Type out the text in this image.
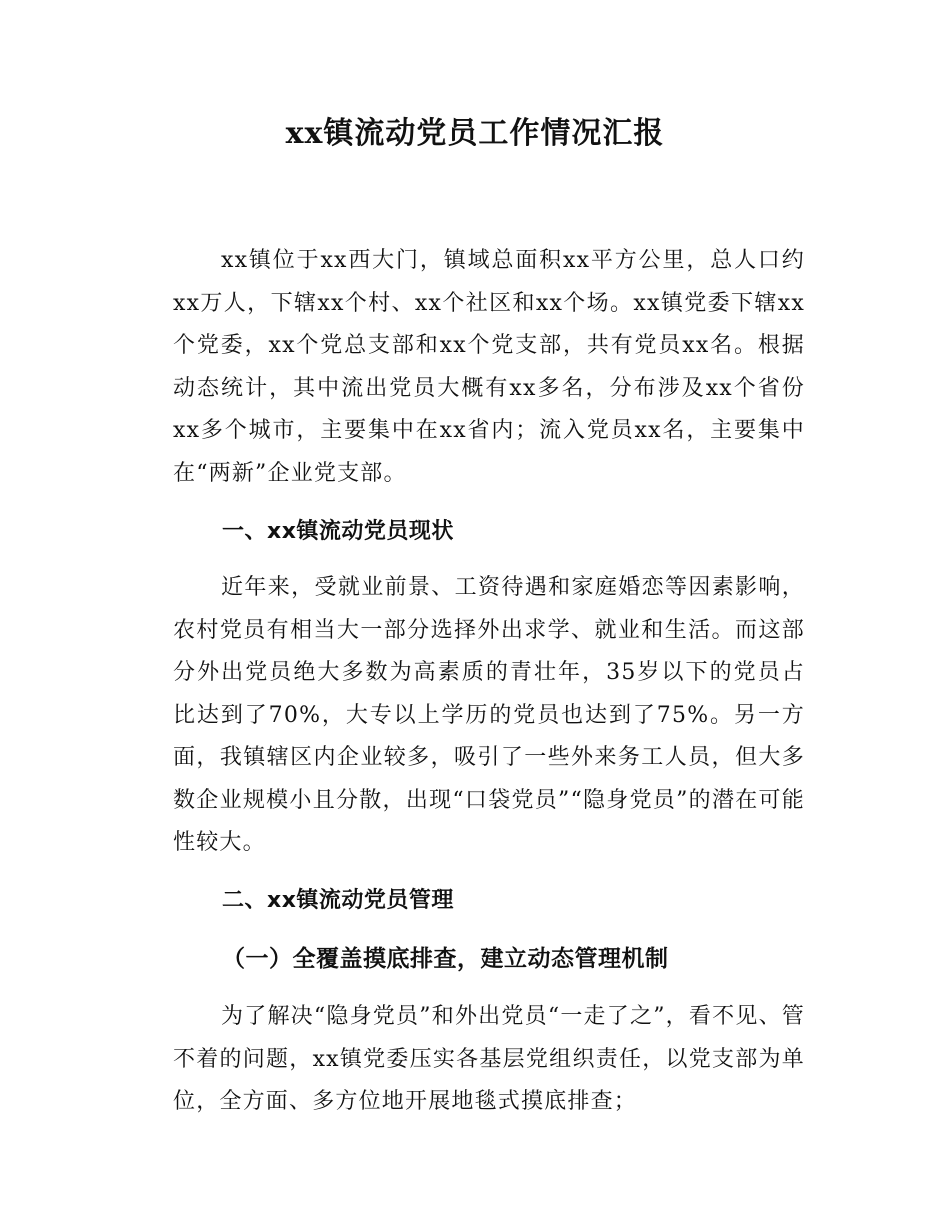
xx镇流动党员工作情况汇报

xx镇位于xx西大门，镇域总面积xx平方公里，总人口约xx万人，下辖xx个村、xx个社区和xx个场。xx镇党委下辖xx个党委，xx个党总支部和xx个党支部，共有党员xx名。根据动态统计，其中流出党员大概有xx多名，分布涉及xx个省份xx多个城市，主要集中在xx省内；流入党员xx名，主要集中在“两新”企业党支部。

一、xx镇流动党员现状

近年来，受就业前景、工资待遇和家庭婚恋等因素影响，农村党员有相当大一部分选择外出求学、就业和生活。而这部分外出党员绝大多数为高素质的青壮年，35岁以下的党员占比达到了70%，大专以上学历的党员也达到了75%。另一方面，我镇辖区内企业较多，吸引了一些外来务工人员，但大多数企业规模小且分散，出现“口袋党员”“隐身党员”的潜在可能性较大。

二、xx镇流动党员管理
（一）全覆盖摸底排查，建立动态管理机制

为了解决“隐身党员”和外出党员“一走了之”，看不见、管不着的问题，xx镇党委压实各基层党组织责任，以党支部为单位，全方面、多方位地开展地毯式摸底排查；
